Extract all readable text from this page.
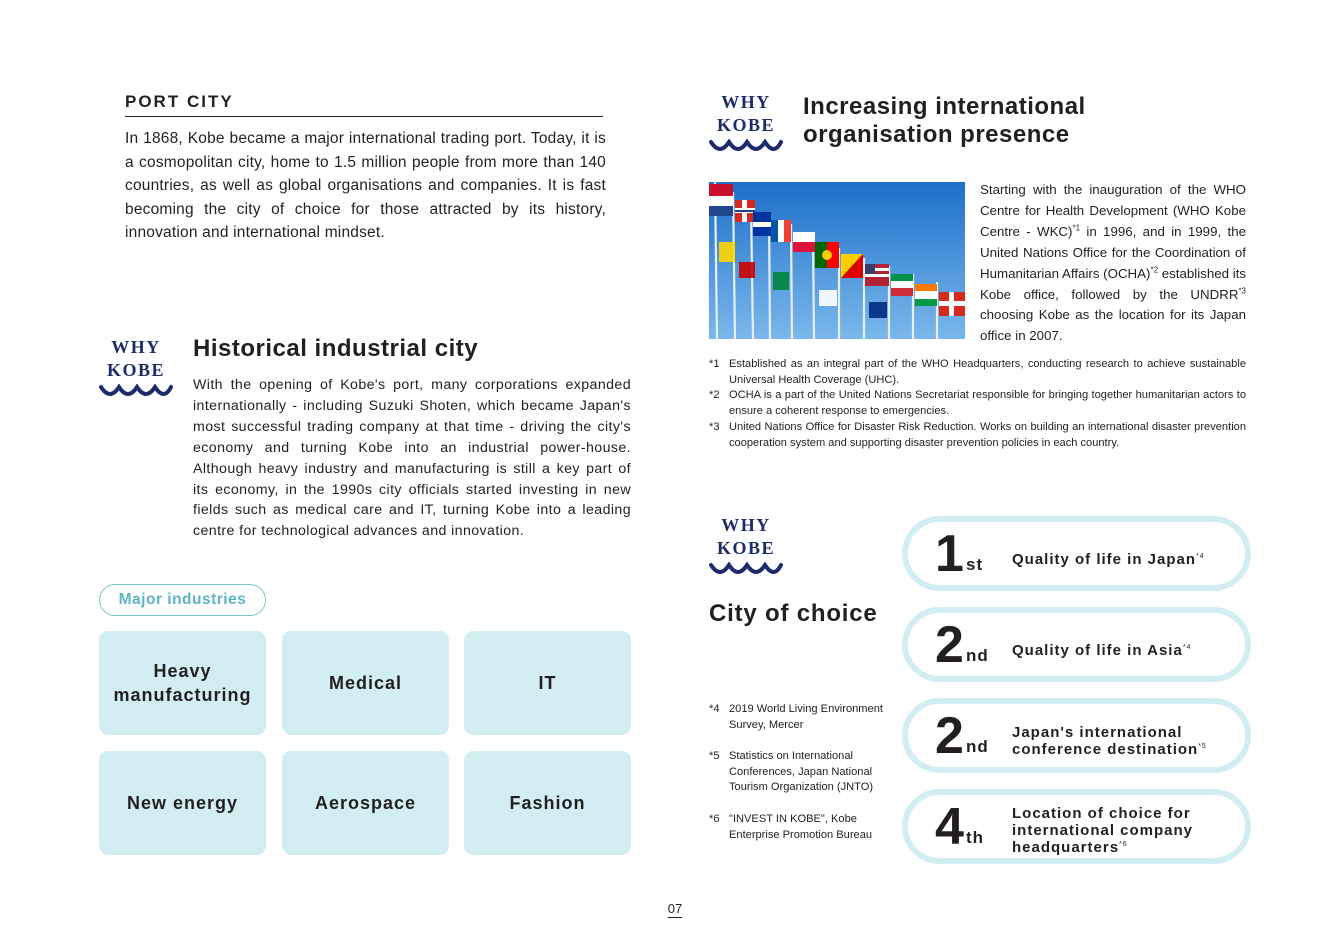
PORT CITY

In 1868, Kobe became a major international trading port. Today, it is a cosmopolitan city, home to 1.5 million people from more than 140 countries, as well as global organisations and companies. It is fast becoming the city of choice for those attracted by its history, innovation and international mindset.

WHY
KOBE
Historical industrial city

With the opening of Kobe's port, many corporations expanded internationally - including Suzuki Shoten, which became Japan's most successful trading company at that time - driving the city's economy and turning Kobe into an industrial power-house. Although heavy industry and manufacturing is still a key part of its economy, in the 1990s city officials started investing in new fields such as medical care and IT, turning Kobe into a leading centre for technological advances and innovation.

Major industries
Heavy manufacturing
Medical	IT
New energy	Aerospace	Fashion
WHY
KOBE
Increasing international
organisation presence

Starting with the inauguration of the WHO Centre for Health Development (WHO Kobe Centre - WKC)$^{*1}$ in 1996, and in 1999, the United Nations Office for the Coordination of Humanitarian Affairs (OCHA)$^{*2}$ established its Kobe office, followed by the UNDRR$^{*3}$ choosing Kobe as the location for its Japan office in 2007.

*1 Established as an integral part of the WHO Headquarters, conducting research to achieve sustainable Universal Health Coverage (UHC).
*2 OCHA is a part of the United Nations Secretariat responsible for bringing together humanitarian actors to ensure a coherent response to emergencies.
*3 United Nations Office for Disaster Risk Reduction. Works on building an international disaster prevention cooperation system and supporting disaster prevention policies in each country.
WHY
KOBE
City of choice
*4 2019 World Living Environment Survey, Mercer
*5 Statistics on International Conferences, Japan National Tourism Organization (JNTO)
*6 "INVEST IN KOBE", Kobe Enterprise Promotion Bureau
1 st Quality of life in Japan$^{*4}$
2 nd Quality of life in Asia$^{*4}$
2 nd
Japan's international
conference destination$^{*5}$
4 th
Location of choice for
international company
headquarters$^{*6}$
07
